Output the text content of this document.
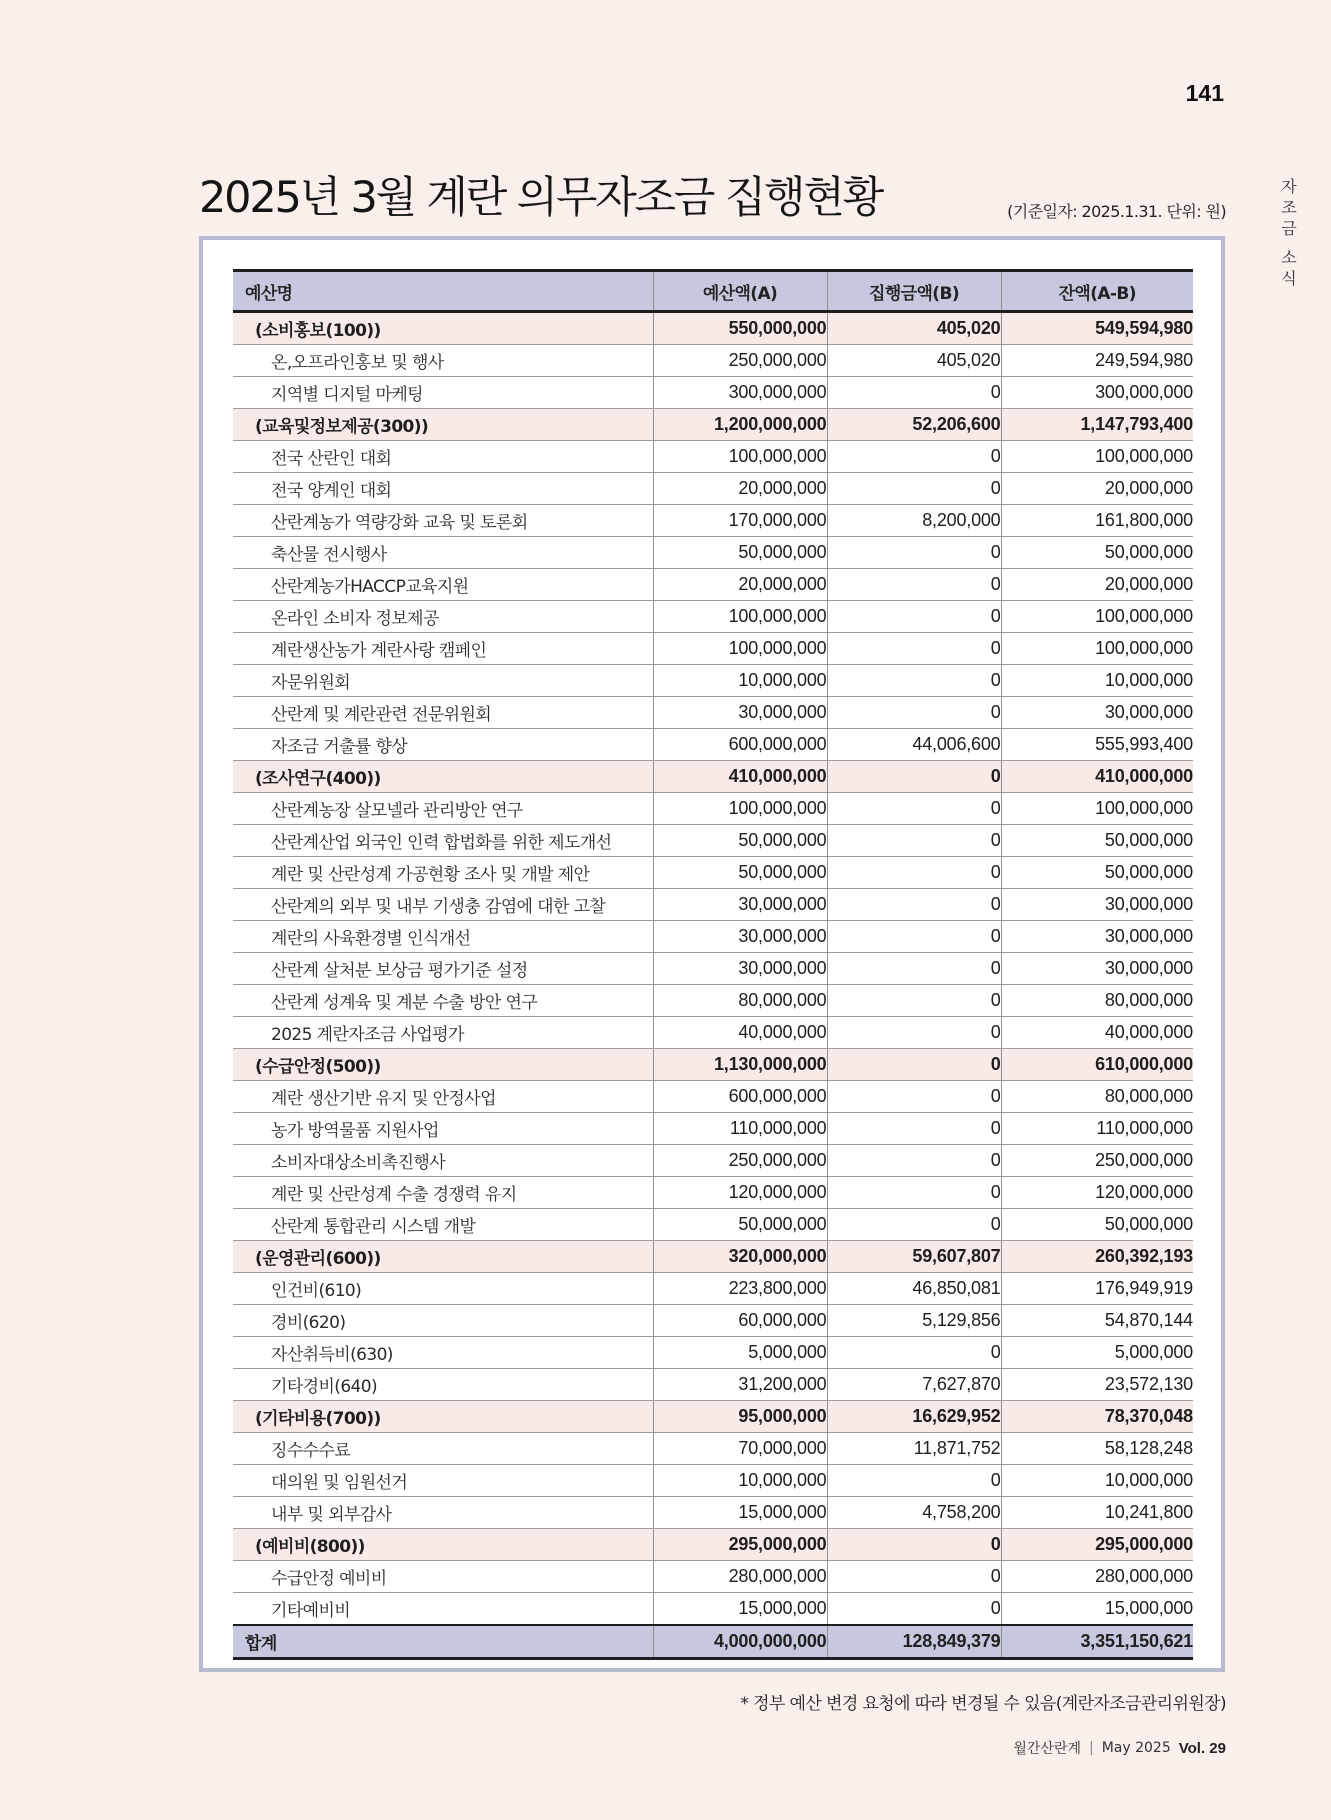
141
자
조
금
소
식
2025년 3월 계란 의무자조금 집행현황	(기준일자: 2025.1.31. 단위: 원)
예산명	예산액(A)	집행금액(B)	잔액(A-B)
(소비홍보(100))	550,000,000	405,020	549,594,980
온,오프라인홍보 및 행사	250,000,000	405,020	249,594,980
지역별 디지털 마케팅	300,000,000	0	300,000,000
(교육및정보제공(300))	1,200,000,000	52,206,600	1,147,793,400
전국 산란인 대회	100,000,000	0	100,000,000
전국 양계인 대회	20,000,000	0	20,000,000
산란계농가 역량강화 교육 및 토론회	170,000,000	8,200,000	161,800,000
축산물 전시행사	50,000,000	0	50,000,000
산란계농가HACCP교육지원	20,000,000	0	20,000,000
온라인 소비자 정보제공	100,000,000	0	100,000,000
계란생산농가 계란사랑 캠페인	100,000,000	0	100,000,000
자문위원회	10,000,000	0	10,000,000
산란계 및 계란관련 전문위원회	30,000,000	0	30,000,000
자조금 거출률 향상	600,000,000	44,006,600	555,993,400
(조사연구(400))	410,000,000	0	410,000,000
산란계농장 살모넬라 관리방안 연구	100,000,000	0	100,000,000
산란계산업 외국인 인력 합법화를 위한 제도개선	50,000,000	0	50,000,000
계란 및 산란성계 가공현황 조사 및 개발 제안	50,000,000	0	50,000,000
산란계의 외부 및 내부 기생충 감염에 대한 고찰	30,000,000	0	30,000,000
계란의 사육환경별 인식개선	30,000,000	0	30,000,000
산란계 살처분 보상금 평가기준 설정	30,000,000	0	30,000,000
산란계 성계육 및 계분 수출 방안 연구	80,000,000	0	80,000,000
2025 계란자조금 사업평가	40,000,000	0	40,000,000
(수급안정(500))	1,130,000,000	0	610,000,000
계란 생산기반 유지 및 안정사업	600,000,000	0	80,000,000
농가 방역물품 지원사업	110,000,000	0	110,000,000
소비자대상소비촉진행사	250,000,000	0	250,000,000
계란 및 산란성계 수출 경쟁력 유지	120,000,000	0	120,000,000
산란계 통합관리 시스템 개발	50,000,000	0	50,000,000
(운영관리(600))	320,000,000	59,607,807	260,392,193
인건비(610)	223,800,000	46,850,081	176,949,919
경비(620)	60,000,000	5,129,856	54,870,144
자산취득비(630)	5,000,000	0	5,000,000
기타경비(640)	31,200,000	7,627,870	23,572,130
(기타비용(700))	95,000,000	16,629,952	78,370,048
징수수수료	70,000,000	11,871,752	58,128,248
대의원 및 임원선거	10,000,000	0	10,000,000
내부 및 외부감사	15,000,000	4,758,200	10,241,800
(예비비(800))	295,000,000	0	295,000,000
수급안정 예비비	280,000,000	0	280,000,000
기타예비비	15,000,000	0	15,000,000
합계	4,000,000,000	128,849,379	3,351,150,621
* 정부 예산 변경 요청에 따라 변경될 수 있음(계란자조금관리위원장)
월간산란계 | May 2025 Vol. 29
